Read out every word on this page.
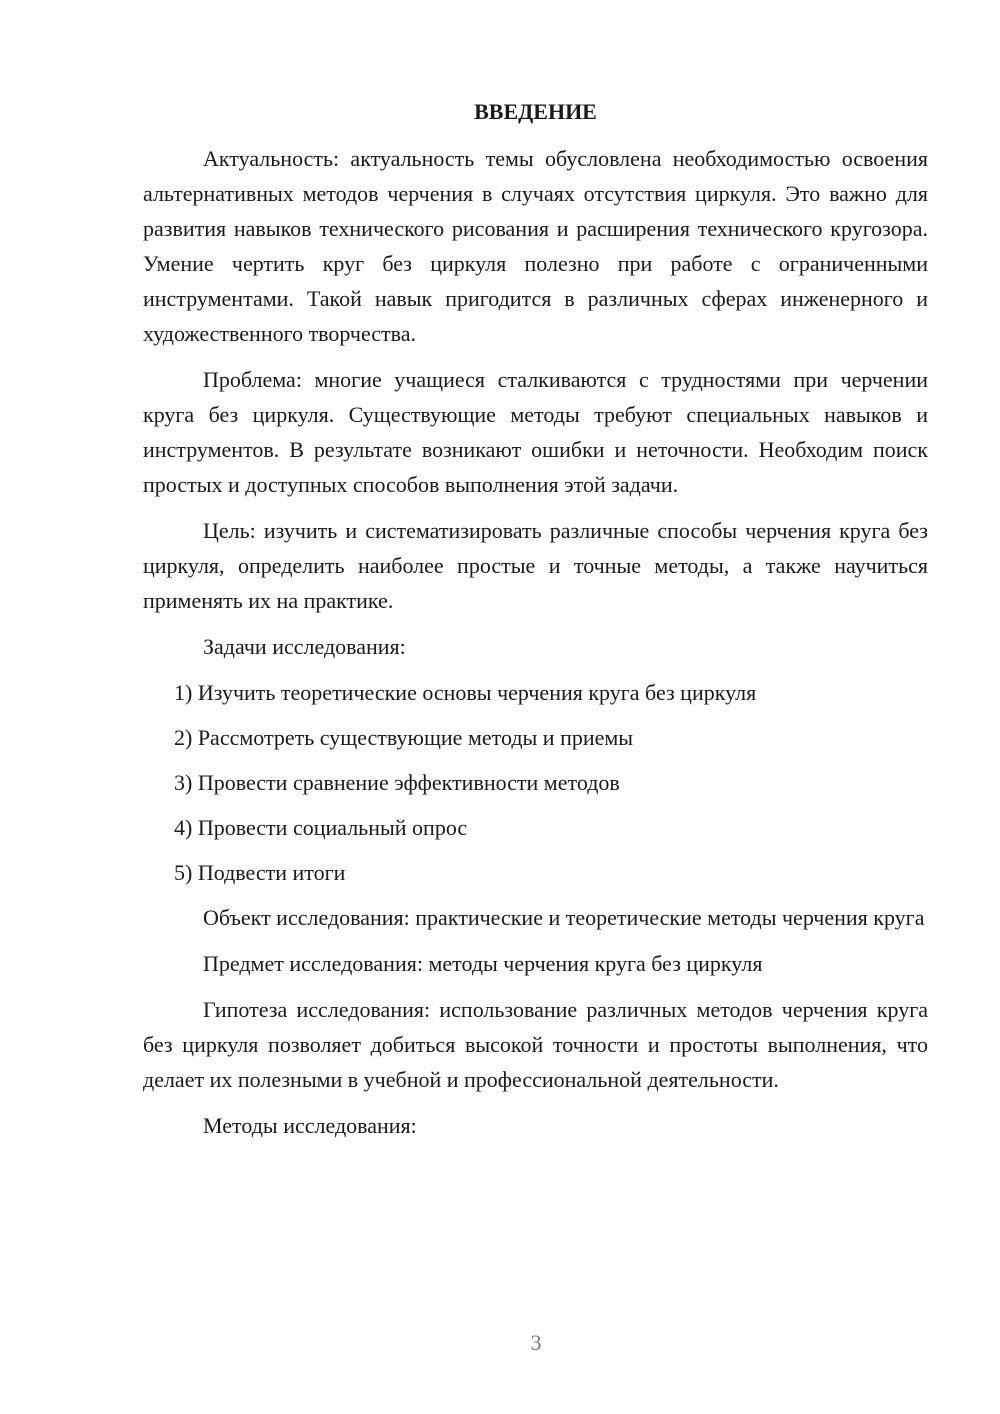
ВВЕДЕНИЕ

Актуальность: актуальность темы обусловлена необходимостью освоения альтернативных методов черчения в случаях отсутствия циркуля. Это важно для развития навыков технического рисования и расширения технического кругозора. Умение чертить круг без циркуля полезно при работе с ограниченными инструментами. Такой навык пригодится в различных сферах инженерного и художественного творчества.

Проблема: многие учащиеся сталкиваются с трудностями при черчении круга без циркуля. Существующие методы требуют специальных навыков и инструментов. В результате возникают ошибки и неточности. Необходим поиск простых и доступных способов выполнения этой задачи.

Цель: изучить и систематизировать различные способы черчения круга без циркуля, определить наиболее простые и точные методы, а также научиться применять их на практике.

Задачи исследования:

1) Изучить теоретические основы черчения круга без циркуля
2) Рассмотреть существующие методы и приемы
3) Провести сравнение эффективности методов
4) Провести социальный опрос
5) Подвести итоги

Объект исследования: практические и теоретические методы черчения круга

Предмет исследования: методы черчения круга без циркуля

Гипотеза исследования: использование различных методов черчения круга без циркуля позволяет добиться высокой точности и простоты выполнения, что делает их полезными в учебной и профессиональной деятельности.

Методы исследования:

3
